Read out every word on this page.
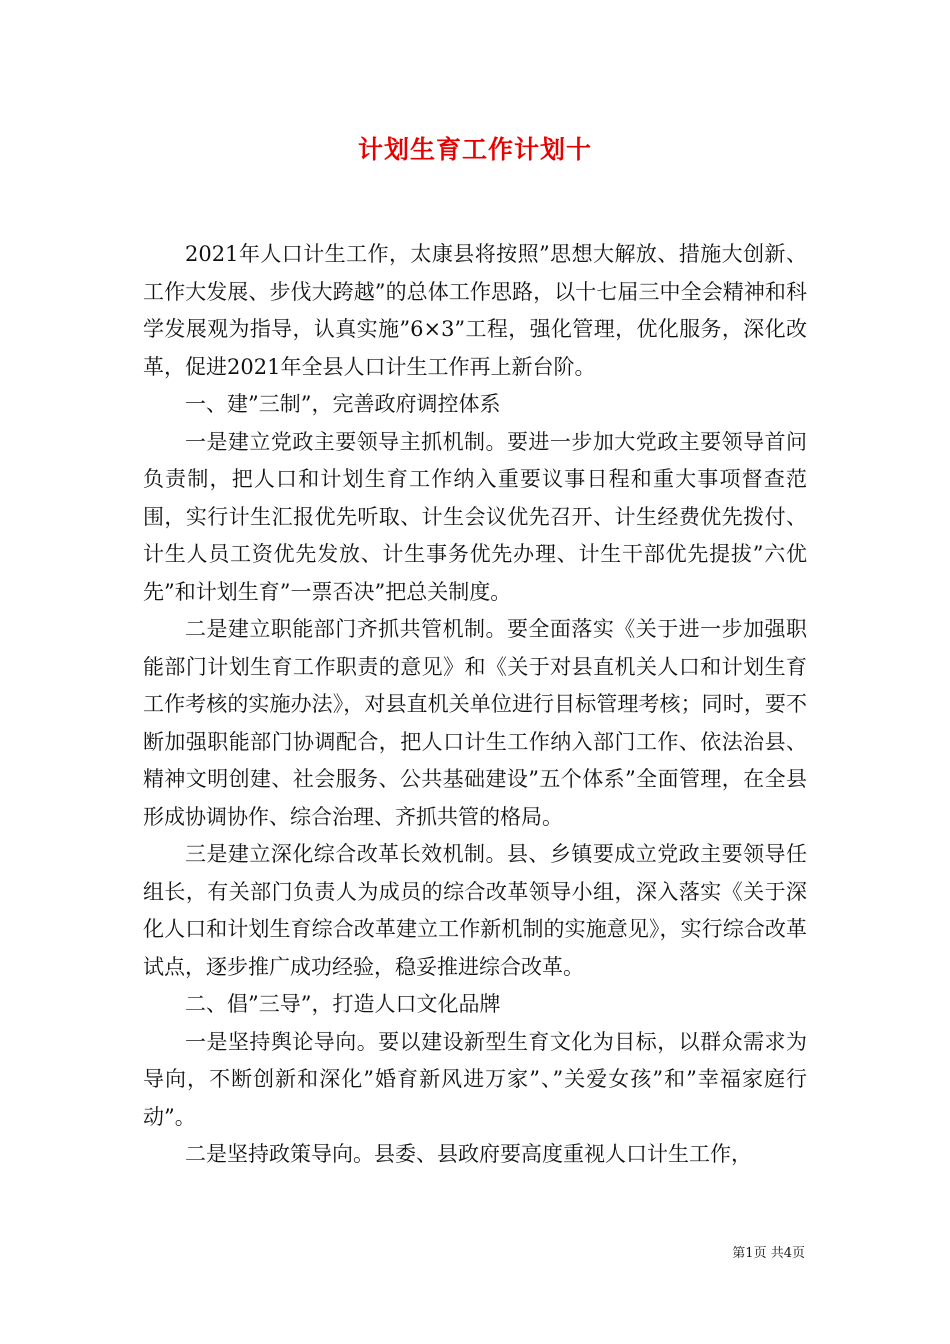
计划生育工作计划十

2021年人口计生工作，太康县将按照”思想大解放、措施大创新、工作大发展、步伐大跨越”的总体工作思路，以十七届三中全会精神和科学发展观为指导，认真实施”6×3”工程，强化管理，优化服务，深化改革，促进2021年全县人口计生工作再上新台阶。

一、建”三制”，完善政府调控体系

一是建立党政主要领导主抓机制。要进一步加大党政主要领导首问负责制，把人口和计划生育工作纳入重要议事日程和重大事项督查范围，实行计生汇报优先听取、计生会议优先召开、计生经费优先拨付、计生人员工资优先发放、计生事务优先办理、计生干部优先提拔”六优先”和计划生育”一票否决”把总关制度。

二是建立职能部门齐抓共管机制。要全面落实《关于进一步加强职能部门计划生育工作职责的意见》和《关于对县直机关人口和计划生育工作考核的实施办法》，对县直机关单位进行目标管理考核；同时，要不断加强职能部门协调配合，把人口计生工作纳入部门工作、依法治县、精神文明创建、社会服务、公共基础建设”五个体系”全面管理，在全县形成协调协作、综合治理、齐抓共管的格局。

三是建立深化综合改革长效机制。县、乡镇要成立党政主要领导任组长，有关部门负责人为成员的综合改革领导小组，深入落实《关于深化人口和计划生育综合改革建立工作新机制的实施意见》，实行综合改革试点，逐步推广成功经验，稳妥推进综合改革。

二、倡”三导”，打造人口文化品牌

一是坚持舆论导向。要以建设新型生育文化为目标，以群众需求为导向，不断创新和深化”婚育新风进万家”、”关爱女孩”和”幸福家庭行动”。

二是坚持政策导向。县委、县政府要高度重视人口计生工作，

第1页 共4页
